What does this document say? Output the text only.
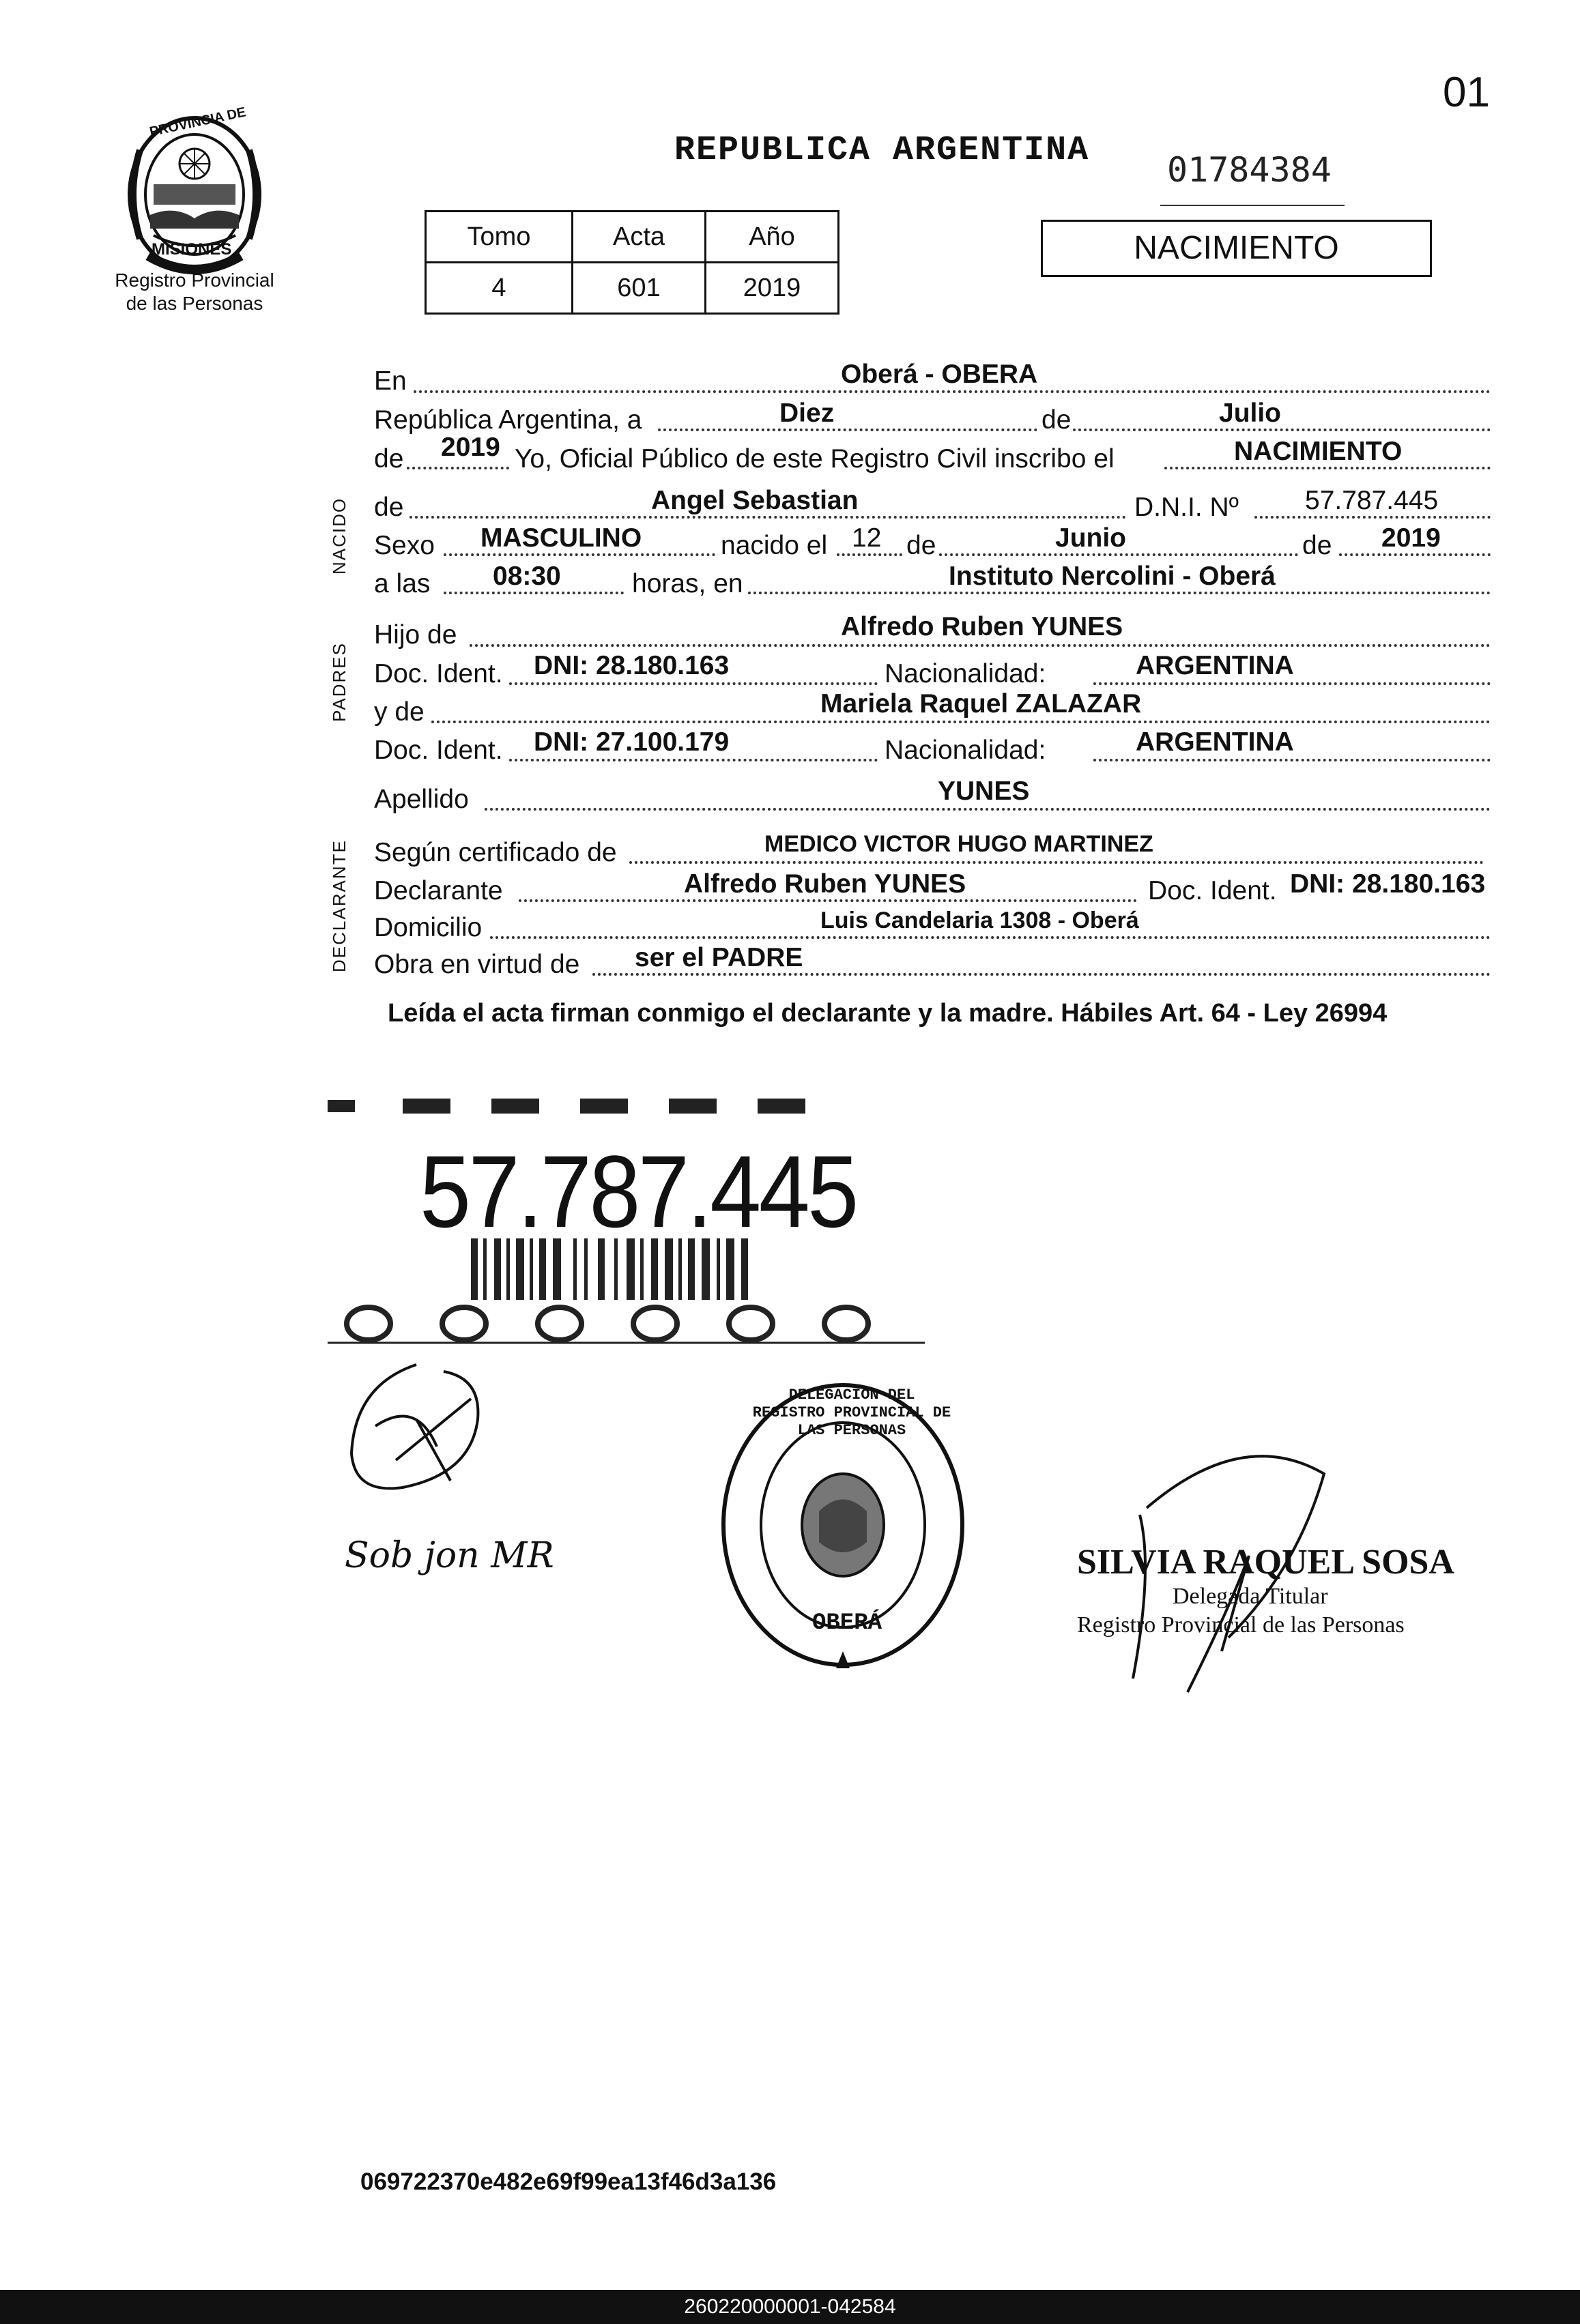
01
PROVINCIA DE
MISIONES
Registro Provincial
de las Personas
REPUBLICA ARGENTINA 01784384
Tomo	Acta	Año
4	601	2019
NACIMIENTO
NACIDO
PADRES
DECLARANTE
En	Oberá - OBERA
República Argentina, a	Diez	de	Julio
de 2019 Yo, Oficial Público de este Registro Civil inscribo el	NACIMIENTO
de	Angel Sebastian	D.N.I. Nº 57.787.445
Sexo MASCULINO	nacido el 12 de	Junio	de 2019
a las 08:30	horas, en	Instituto Nercolini - Oberá
Hijo de	Alfredo Ruben YUNES
Doc. Ident. DNI: 28.180.163	Nacionalidad:	ARGENTINA
y de	Mariela Raquel ZALAZAR
Doc. Ident. DNI: 27.100.179	Nacionalidad:	ARGENTINA
Apellido	YUNES
Según certificado de	MEDICO VICTOR HUGO MARTINEZ
Declarante	Alfredo Ruben YUNES	Doc. Ident. DNI: 28.180.163
Domicilio	Luis Candelaria 1308 - Oberá
Obra en virtud de ser el PADRE
Leída el acta firman conmigo el declarante y la madre. Hábiles Art. 64 - Ley 26994
57.787.445
Sob jon MR
DELEGACION DEL REGISTRO PROVINCIAL DE LAS PERSONAS
OBERÁ
SILVIA RAQUEL SOSA
Delegada Titular
Registro Provincial de las Personas
069722370e482e69f99ea13f46d3a136
260220000001-042584
